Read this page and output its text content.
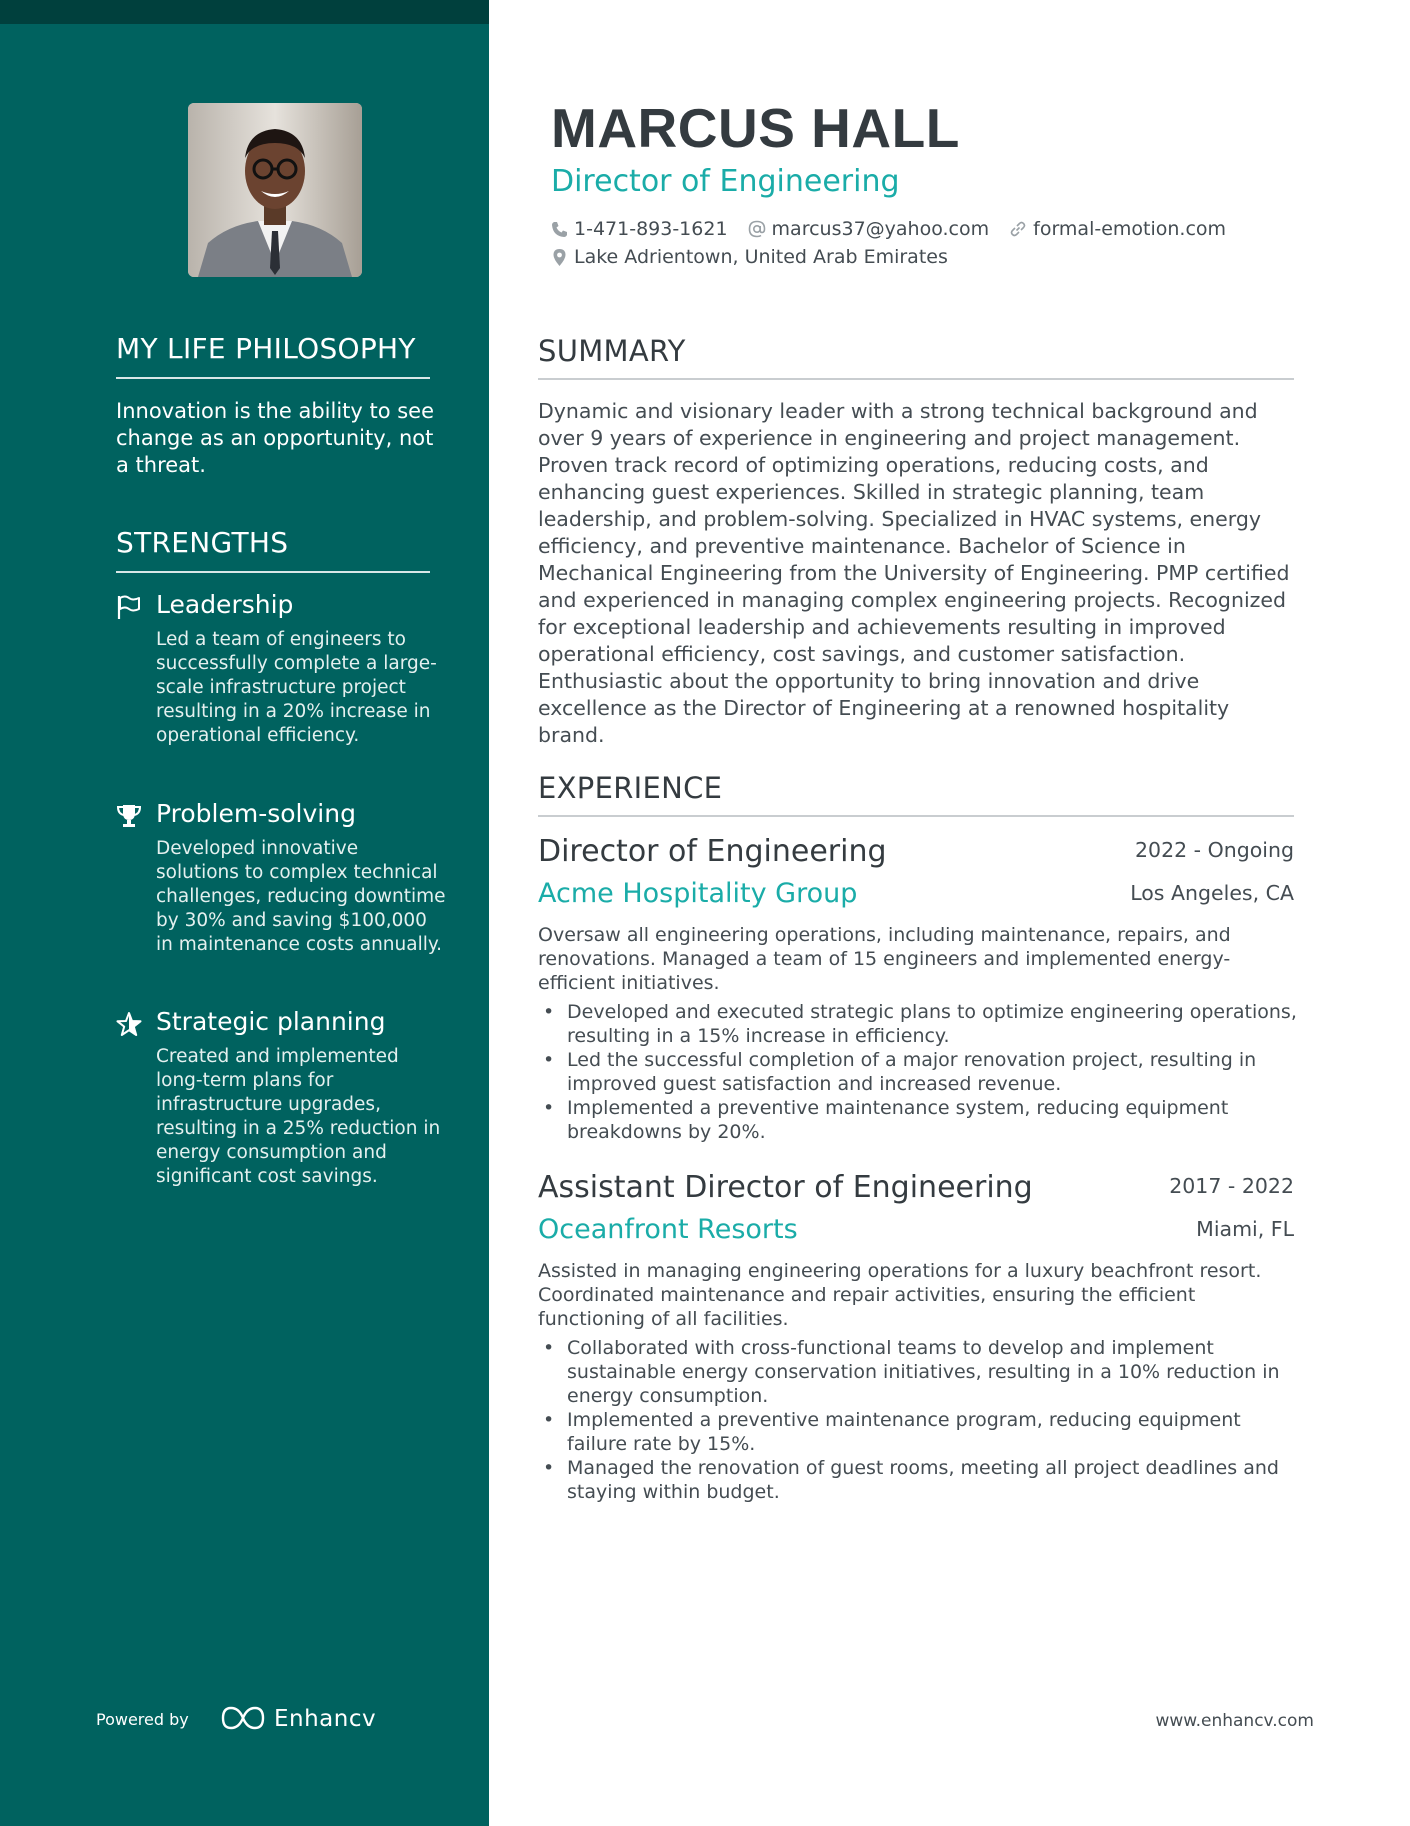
MY LIFE PHILOSOPHY
Innovation is the ability to see change as an opportunity, not a threat.
STRENGTHS
Leadership
Led a team of engineers to successfully complete a large-scale infrastructure project resulting in a 20% increase in operational efficiency.
Problem-solving
Developed innovative solutions to complex technical challenges, reducing downtime by 30% and saving $100,000 in maintenance costs annually.
Strategic planning
Created and implemented long-term plans for infrastructure upgrades, resulting in a 25% reduction in energy consumption and significant cost savings.
Powered by	Enhancv
MARCUS HALL
Director of Engineering
1-471-893-1621 marcus37@yahoo.com formal-emotion.com
Lake Adrientown, United Arab Emirates
SUMMARY
Dynamic and visionary leader with a strong technical background and over 9 years of experience in engineering and project management. Proven track record of optimizing operations, reducing costs, and enhancing guest experiences. Skilled in strategic planning, team leadership, and problem-solving. Specialized in HVAC systems, energy efficiency, and preventive maintenance. Bachelor of Science in Mechanical Engineering from the University of Engineering. PMP certified and experienced in managing complex engineering projects. Recognized for exceptional leadership and achievements resulting in improved operational efficiency, cost savings, and customer satisfaction. Enthusiastic about the opportunity to bring innovation and drive excellence as the Director of Engineering at a renowned hospitality brand.
EXPERIENCE
Director of Engineering	2022 - Ongoing
Acme Hospitality Group	Los Angeles, CA
Oversaw all engineering operations, including maintenance, repairs, and renovations. Managed a team of 15 engineers and implemented energy-efficient initiatives.
• Developed and executed strategic plans to optimize engineering operations, resulting in a 15% increase in efficiency.
• Led the successful completion of a major renovation project, resulting in improved guest satisfaction and increased revenue.
• Implemented a preventive maintenance system, reducing equipment breakdowns by 20%.
Assistant Director of Engineering	2017 - 2022
Oceanfront Resorts	Miami, FL
Assisted in managing engineering operations for a luxury beachfront resort. Coordinated maintenance and repair activities, ensuring the efficient functioning of all facilities.
• Collaborated with cross-functional teams to develop and implement sustainable energy conservation initiatives, resulting in a 10% reduction in energy consumption.
• Implemented a preventive maintenance program, reducing equipment failure rate by 15%.
• Managed the renovation of guest rooms, meeting all project deadlines and staying within budget.
www.enhancv.com
